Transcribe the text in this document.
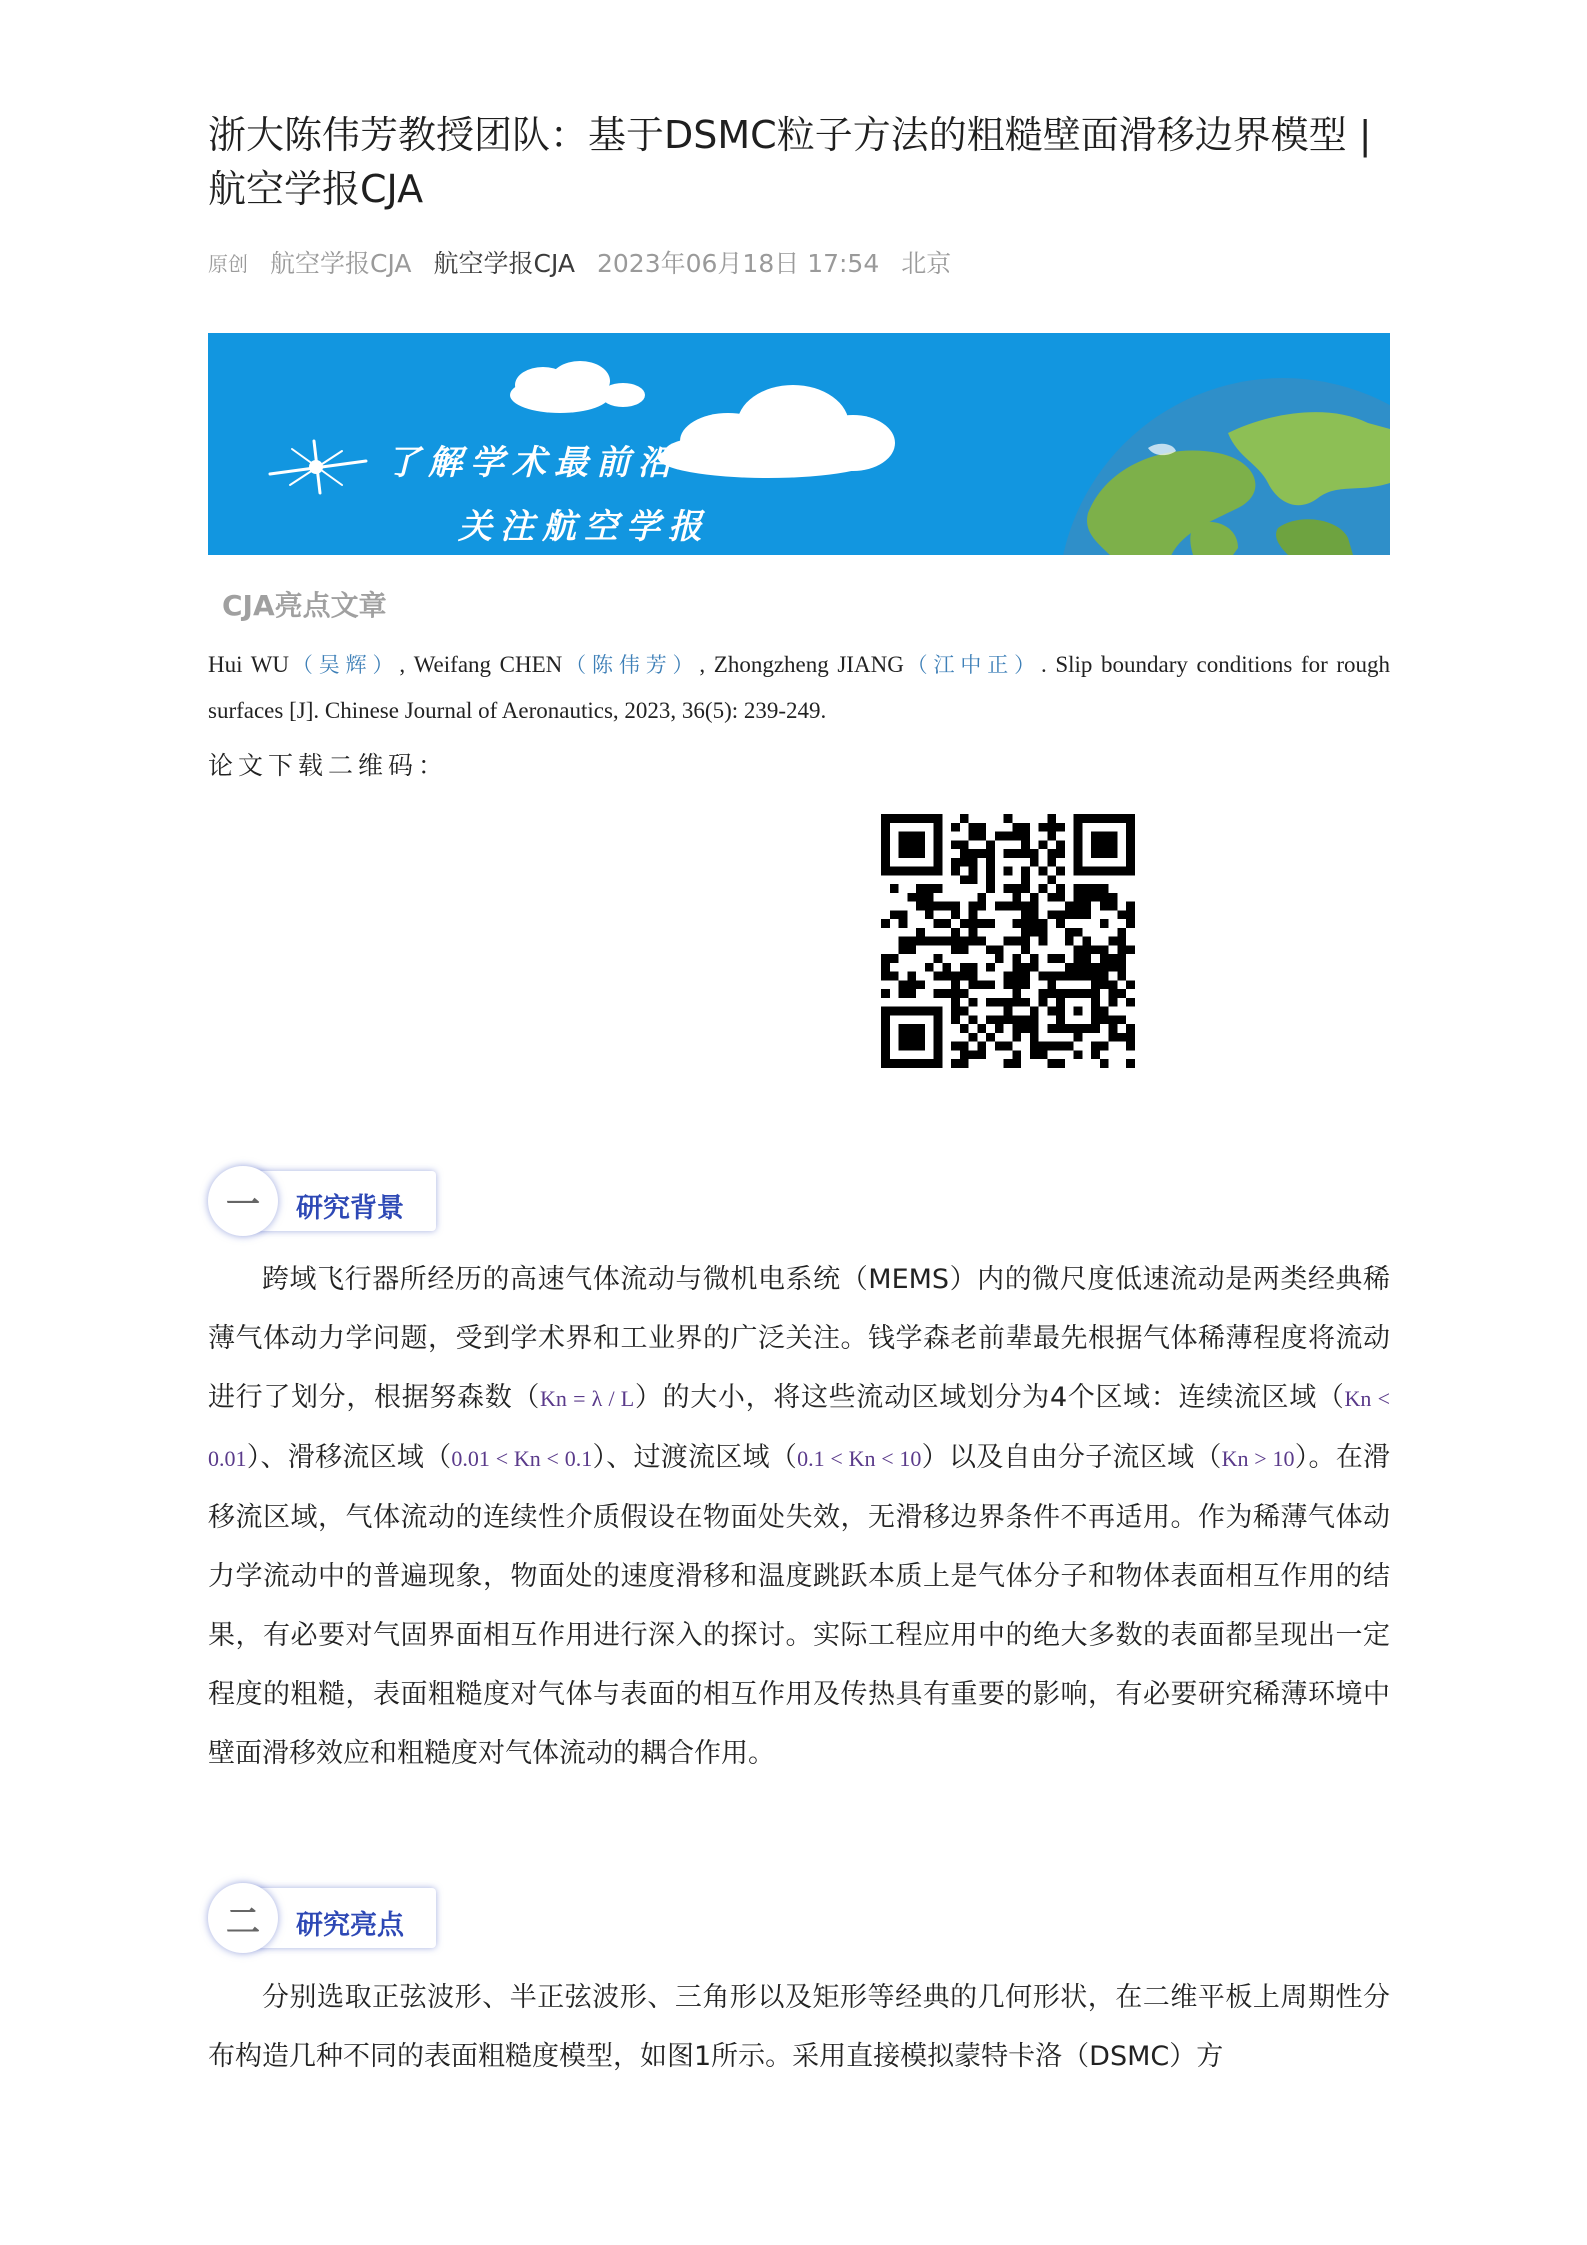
浙大陈伟芳教授团队：基于DSMC粒子方法的粗糙壁面滑移边界模型 | 航空学报CJA
原创 航空学报CJA 航空学报CJA 2023年06月18日 17:54 北京
了解学术最前沿
关注航空学报
CJA亮点文章
Hui WU（吴辉）, Weifang CHEN（陈伟芳）, Zhongzheng JIANG（江中正）. Slip boundary conditions for rough surfaces [J]. Chinese Journal of Aeronautics, 2023, 36(5): 239-249.
论文下载二维码：
一	研究背景

跨域飞行器所经历的高速气体流动与微机电系统（MEMS）内的微尺度低速流动是两类经典稀薄气体动力学问题，受到学术界和工业界的广泛关注。钱学森老前辈最先根据气体稀薄程度将流动进行了划分，根据努森数（Kn = λ / L）的大小，将这些流动区域划分为4个区域：连续流区域（Kn < 0.01）、滑移流区域（0.01 < Kn < 0.1）、过渡流区域（0.1 < Kn < 10）以及自由分子流区域（Kn > 10）。在滑移流区域，气体流动的连续性介质假设在物面处失效，无滑移边界条件不再适用。作为稀薄气体动力学流动中的普遍现象，物面处的速度滑移和温度跳跃本质上是气体分子和物体表面相互作用的结果，有必要对气固界面相互作用进行深入的探讨。实际工程应用中的绝大多数的表面都呈现出一定程度的粗糙，表面粗糙度对气体与表面的相互作用及传热具有重要的影响，有必要研究稀薄环境中壁面滑移效应和粗糙度对气体流动的耦合作用。

二	研究亮点

分别选取正弦波形、半正弦波形、三角形以及矩形等经典的几何形状，在二维平板上周期性分布构造几种不同的表面粗糙度模型，如图1所示。采用直接模拟蒙特卡洛（DSMC）方
